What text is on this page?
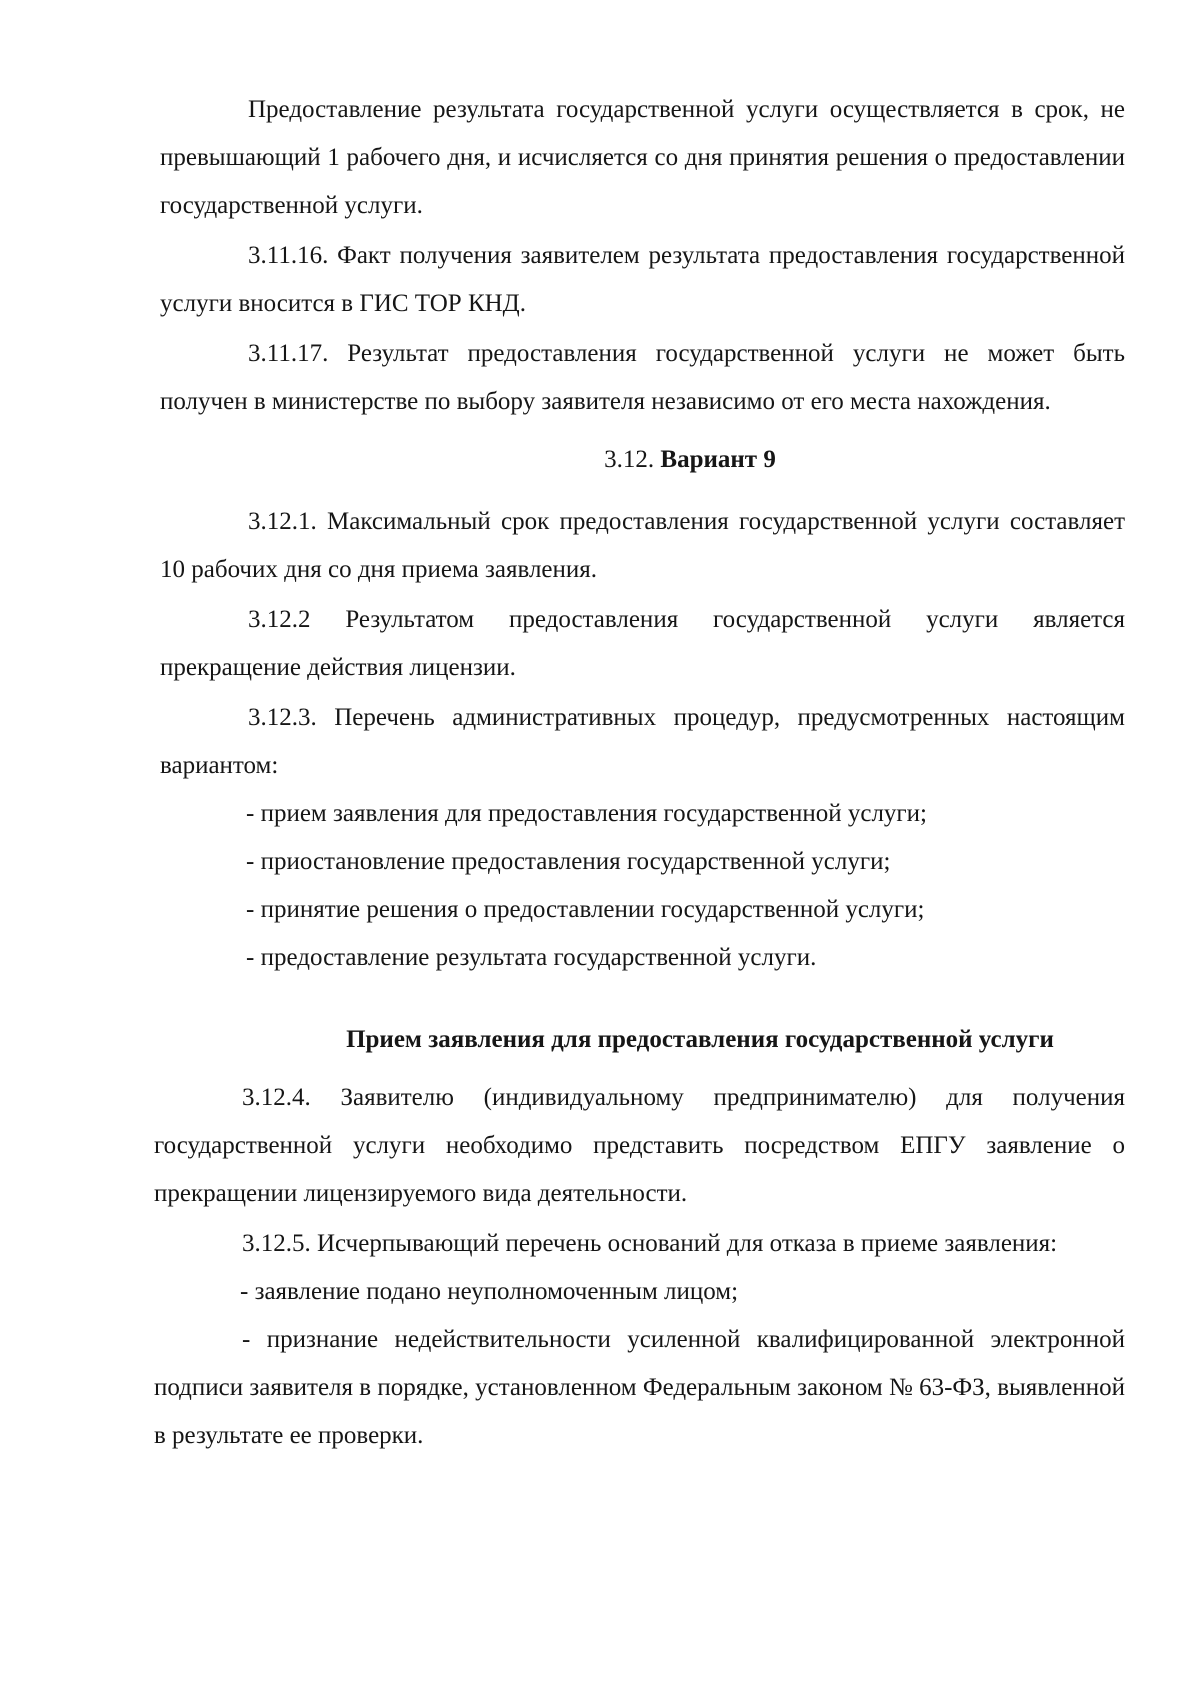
Предоставление результата государственной услуги осуществляется в срок, не превышающий 1 рабочего дня, и исчисляется со дня принятия решения о предоставлении государственной услуги.

3.11.16. Факт получения заявителем результата предоставления государственной услуги вносится в ГИС ТОР КНД.

3.11.17. Результат предоставления государственной услуги не может быть получен в министерстве по выбору заявителя независимо от его места нахождения.

3.12. Вариант 9

3.12.1. Максимальный срок предоставления государственной услуги составляет 10 рабочих дня со дня приема заявления.

3.12.2 Результатом предоставления государственной услуги является прекращение действия лицензии.

3.12.3. Перечень административных процедур, предусмотренных настоящим вариантом:

- прием заявления для предоставления государственной услуги;

- приостановление предоставления государственной услуги;

- принятие решения о предоставлении государственной услуги;

- предоставление результата государственной услуги.

Прием заявления для предоставления государственной услуги

3.12.4. Заявителю (индивидуальному предпринимателю) для получения государственной услуги необходимо представить посредством ЕПГУ заявление о прекращении лицензируемого вида деятельности.

3.12.5. Исчерпывающий перечень оснований для отказа в приеме заявления:

- заявление подано неуполномоченным лицом;

- признание недействительности усиленной квалифицированной электронной подписи заявителя в порядке, установленном Федеральным законом № 63-ФЗ, выявленной в результате ее проверки.
